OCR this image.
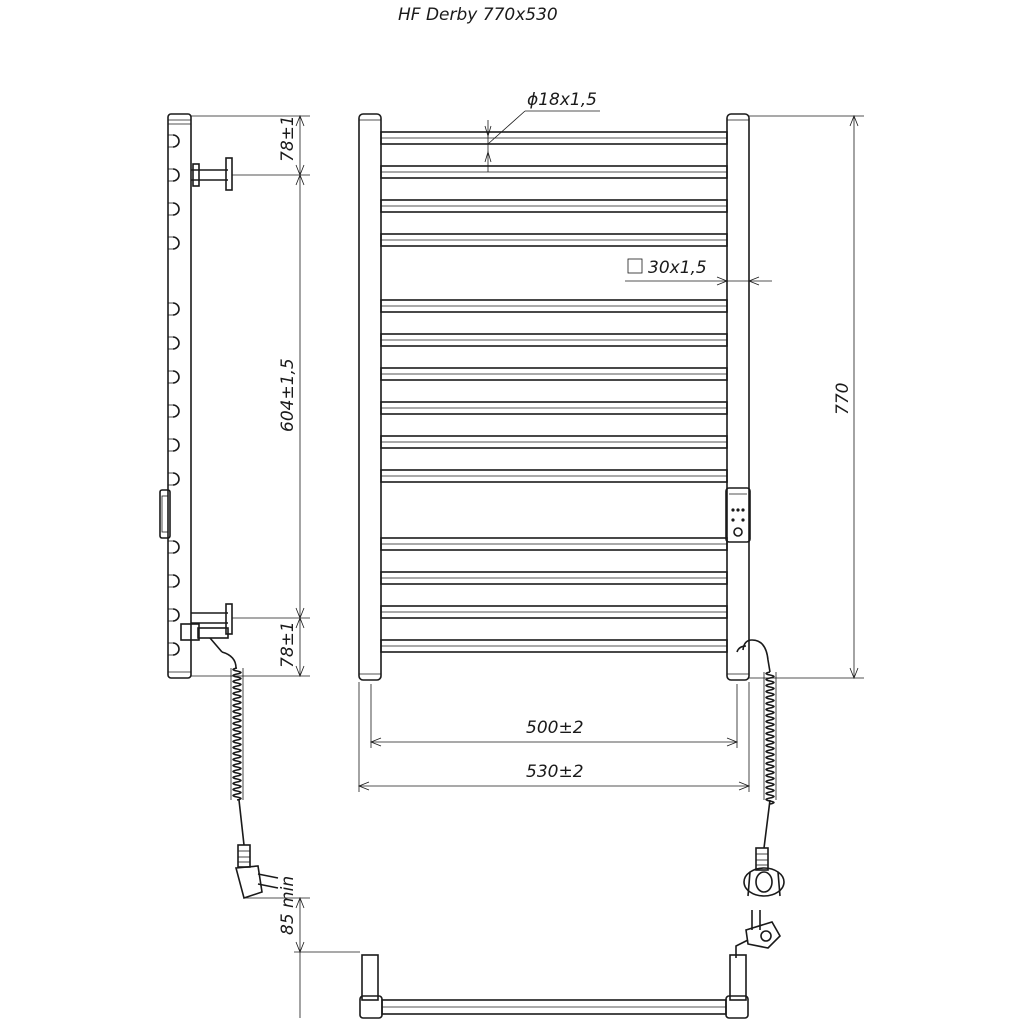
HF Derby 770x530
78±1
604±1,5
78±1
ϕ18x1,5
30x1,5
770
500±2
530±2
85 min
